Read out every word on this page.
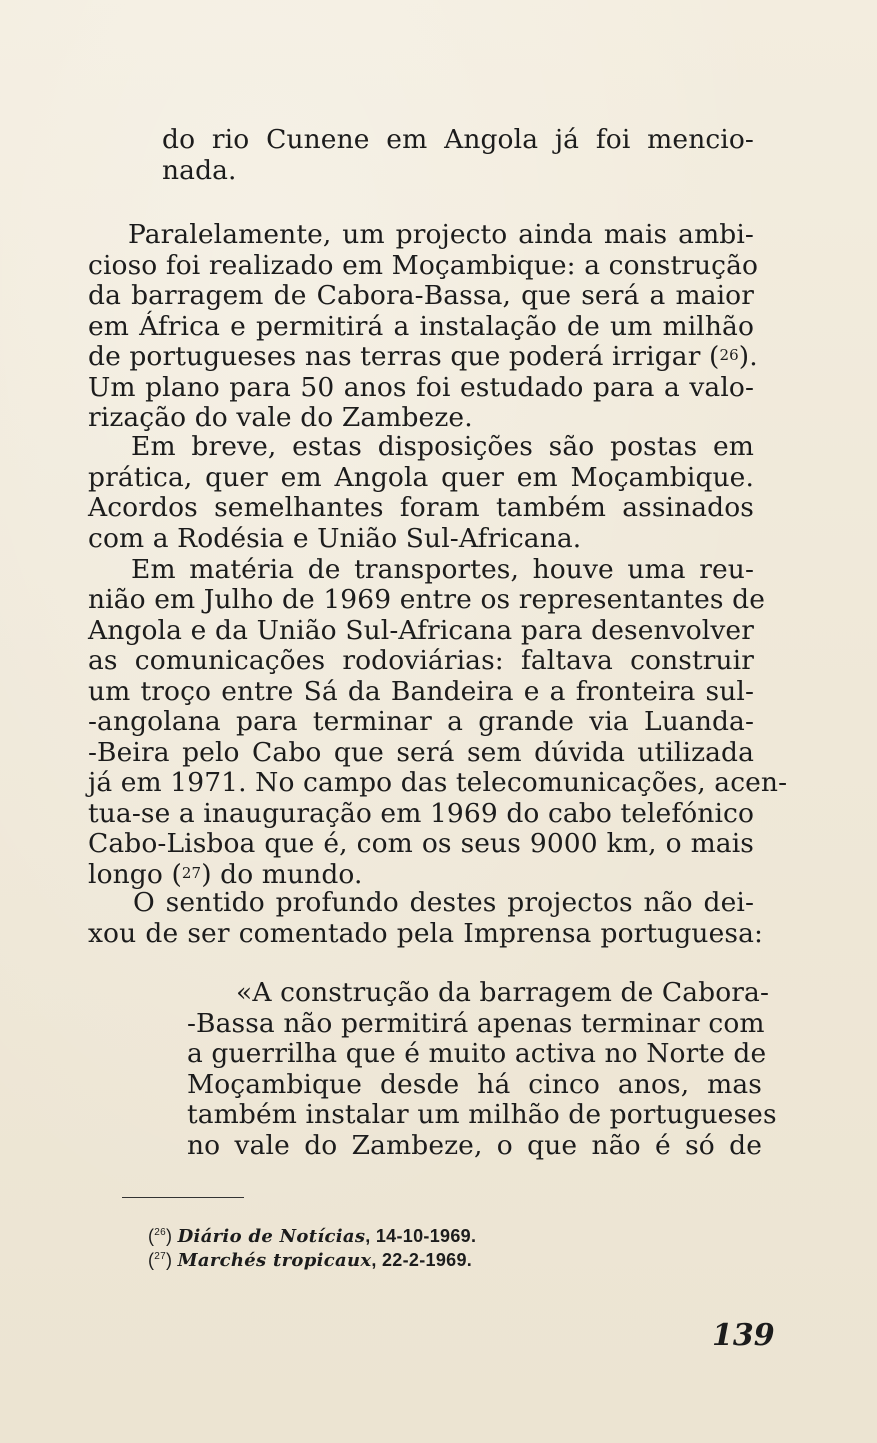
do rio Cunene em Angola já foi mencio-
nada.
Paralelamente, um projecto ainda mais ambi-
cioso foi realizado em Moçambique: a construção
da barragem de Cabora-Bassa, que será a maior
em África e permitirá a instalação de um milhão
de portugueses nas terras que poderá irrigar ($^{26}$).
Um plano para 50 anos foi estudado para a valo-
rização do vale do Zambeze.
Em breve, estas disposições são postas em
prática, quer em Angola quer em Moçambique.
Acordos semelhantes foram também assinados
com a Rodésia e União Sul-Africana.
Em matéria de transportes, houve uma reu-
nião em Julho de 1969 entre os representantes de
Angola e da União Sul-Africana para desenvolver
as comunicações rodoviárias: faltava construir
um troço entre Sá da Bandeira e a fronteira sul-
-angolana para terminar a grande via Luanda-
-Beira pelo Cabo que será sem dúvida utilizada
já em 1971. No campo das telecomunicações, acen-
tua-se a inauguração em 1969 do cabo telefónico
Cabo-Lisboa que é, com os seus 9000 km, o mais
longo ($^{27}$) do mundo.
O sentido profundo destes projectos não dei-
xou de ser comentado pela Imprensa portuguesa:
«A construção da barragem de Cabora-
-Bassa não permitirá apenas terminar com
a guerrilha que é muito activa no Norte de
Moçambique desde há cinco anos, mas
também instalar um milhão de portugueses
no vale do Zambeze, o que não é só de
($^{26}$) Diário de Notícias, 14-10-1969.
($^{27}$) Marchés tropicaux, 22-2-1969.
139
